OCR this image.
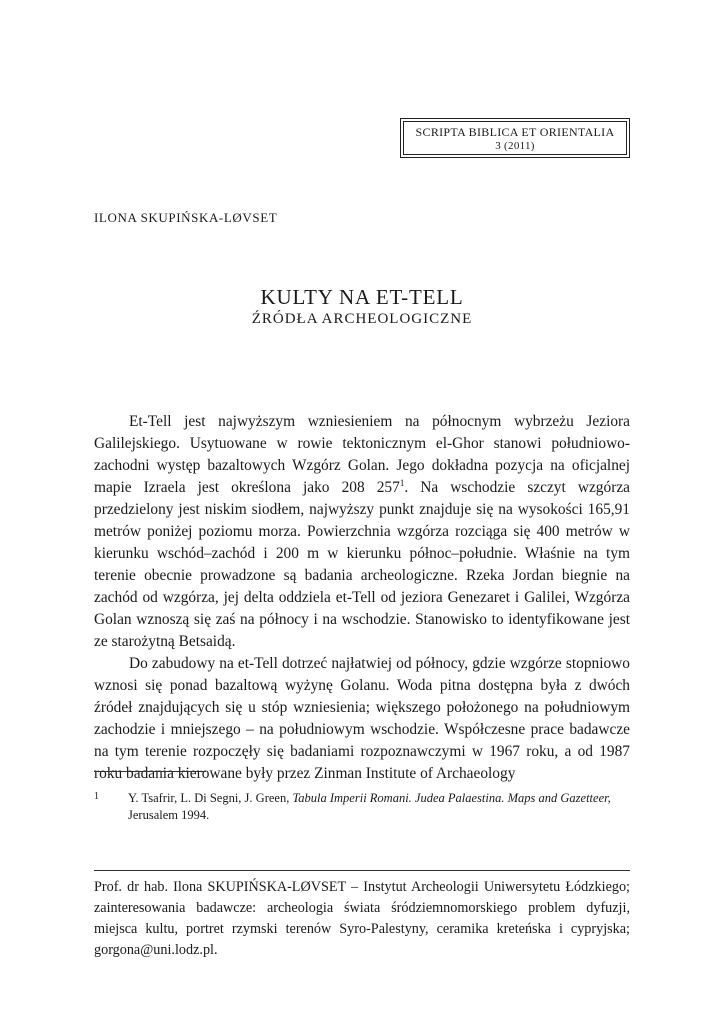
SCRIPTA BIBLICA ET ORIENTALIA
3 (2011)
ILONA SKUPIŃSKA-LØVSET
KULTY NA ET-TELL
ŹRÓDŁA ARCHEOLOGICZNE

Et-Tell jest najwyższym wzniesieniem na północnym wybrzeżu Jeziora Galilejskiego. Usytuowane w rowie tektonicznym el-Ghor stanowi południowo-zachodni występ bazaltowych Wzgórz Golan. Jego dokładna pozycja na oficjalnej mapie Izraela jest określona jako 208 $257^1$. Na wschodzie szczyt wzgórza przedzielony jest niskim siodłem, najwyższy punkt znajduje się na wysokości 165,91 metrów poniżej poziomu morza. Powierzchnia wzgórza rozciąga się 400 metrów w kierunku wschód–zachód i 200 m w kierunku północ–południe. Właśnie na tym terenie obecnie prowadzone są badania archeologiczne. Rzeka Jordan biegnie na zachód od wzgórza, jej delta oddziela et-Tell od jeziora Genezaret i Galilei, Wzgórza Golan wznoszą się zaś na północy i na wschodzie. Stanowisko to identyfikowane jest ze starożytną Betsaidą.

Do zabudowy na et-Tell dotrzeć najłatwiej od północy, gdzie wzgórze stopniowo wznosi się ponad bazaltową wyżynę Golanu. Woda pitna dostępna była z dwóch źródeł znajdujących się u stóp wzniesienia; większego położonego na południowym zachodzie i mniejszego – na południowym wschodzie. Współczesne prace badawcze na tym terenie rozpoczęły się badaniami rozpoznawczymi w 1967 roku, a od 1987 roku badania kierowane były przez Zinman Institute of Archaeology

1 Y. Tsafrir, L. Di Segni, J. Green, Tabula Imperii Romani. Judea Palaestina. Maps and Gazetteer,
Jerusalem 1994.
Prof. dr hab. Ilona SKUPIŃSKA-LØVSET – Instytut Archeologii Uniwersytetu Łódzkiego; zainteresowania badawcze: archeologia świata śródziemnomorskiego problem dyfuzji, miejsca kultu, portret rzymski terenów Syro-Palestyny, ceramika kreteńska i cypryjska; gorgona@uni.lodz.pl.
